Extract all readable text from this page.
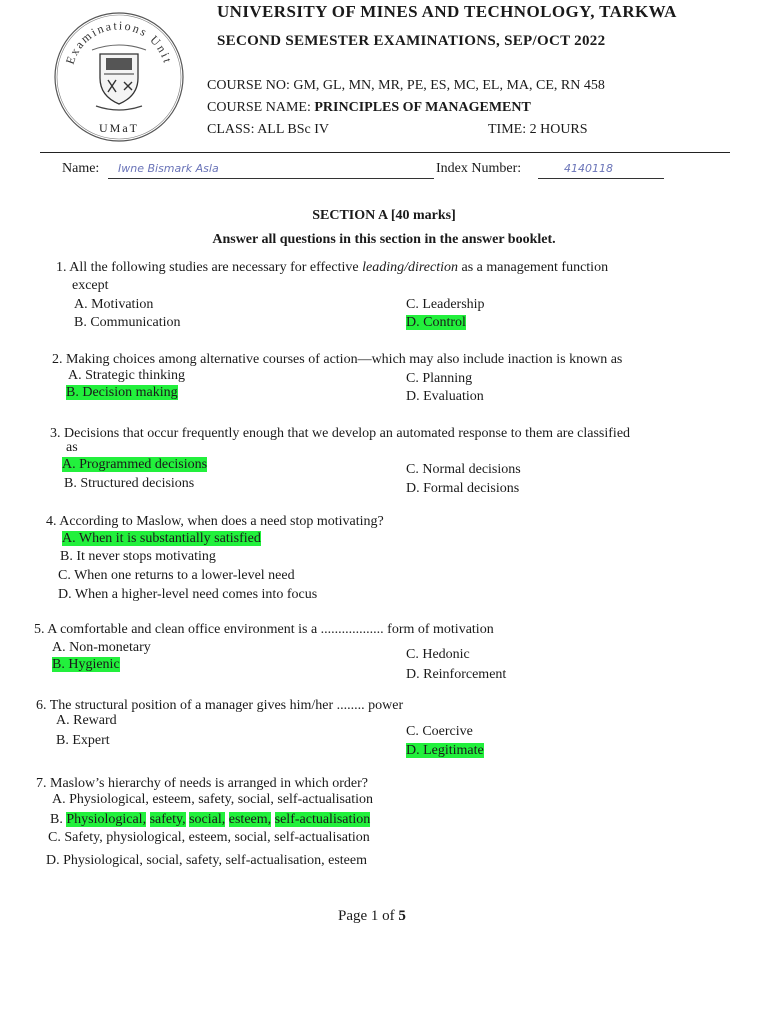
Examinations Unit
UMaT
UNIVERSITY OF MINES AND TECHNOLOGY, TARKWA
SECOND SEMESTER EXAMINATIONS, SEP/OCT 2022
COURSE NO: GM, GL, MN, MR, PE, ES, MC, EL, MA, CE, RN 458
COURSE NAME: PRINCIPLES OF MANAGEMENT
CLASS: ALL BSc IV	TIME: 2 HOURS
Name: Iwne Bismark Asla	Index Number:	4140118
SECTION A [40 marks]
Answer all questions in this section in the answer booklet.
1. All the following studies are necessary for effective leading/direction as a management function
except
A. Motivation
B. Communication
C. Leadership
D. Control
2. Making choices among alternative courses of action—which may also include inaction is known as
A. Strategic thinking
B. Decision making
C. Planning
D. Evaluation
3. Decisions that occur frequently enough that we develop an automated response to them are classified
as
A. Programmed decisions
B. Structured decisions
C. Normal decisions
D. Formal decisions
4. According to Maslow, when does a need stop motivating?
A. When it is substantially satisfied
B. It never stops motivating
C. When one returns to a lower-level need
D. When a higher-level need comes into focus
5. A comfortable and clean office environment is a .................. form of motivation
A. Non-monetary
B. Hygienic
C. Hedonic
D. Reinforcement
6. The structural position of a manager gives him/her ........ power
A. Reward
B. Expert
C. Coercive
D. Legitimate
7. Maslow’s hierarchy of needs is arranged in which order?
A. Physiological, esteem, safety, social, self-actualisation
B. Physiological, safety, social, esteem, self-actualisation
C. Safety, physiological, esteem, social, self-actualisation
D. Physiological, social, safety, self-actualisation, esteem
Page 1 of 5
